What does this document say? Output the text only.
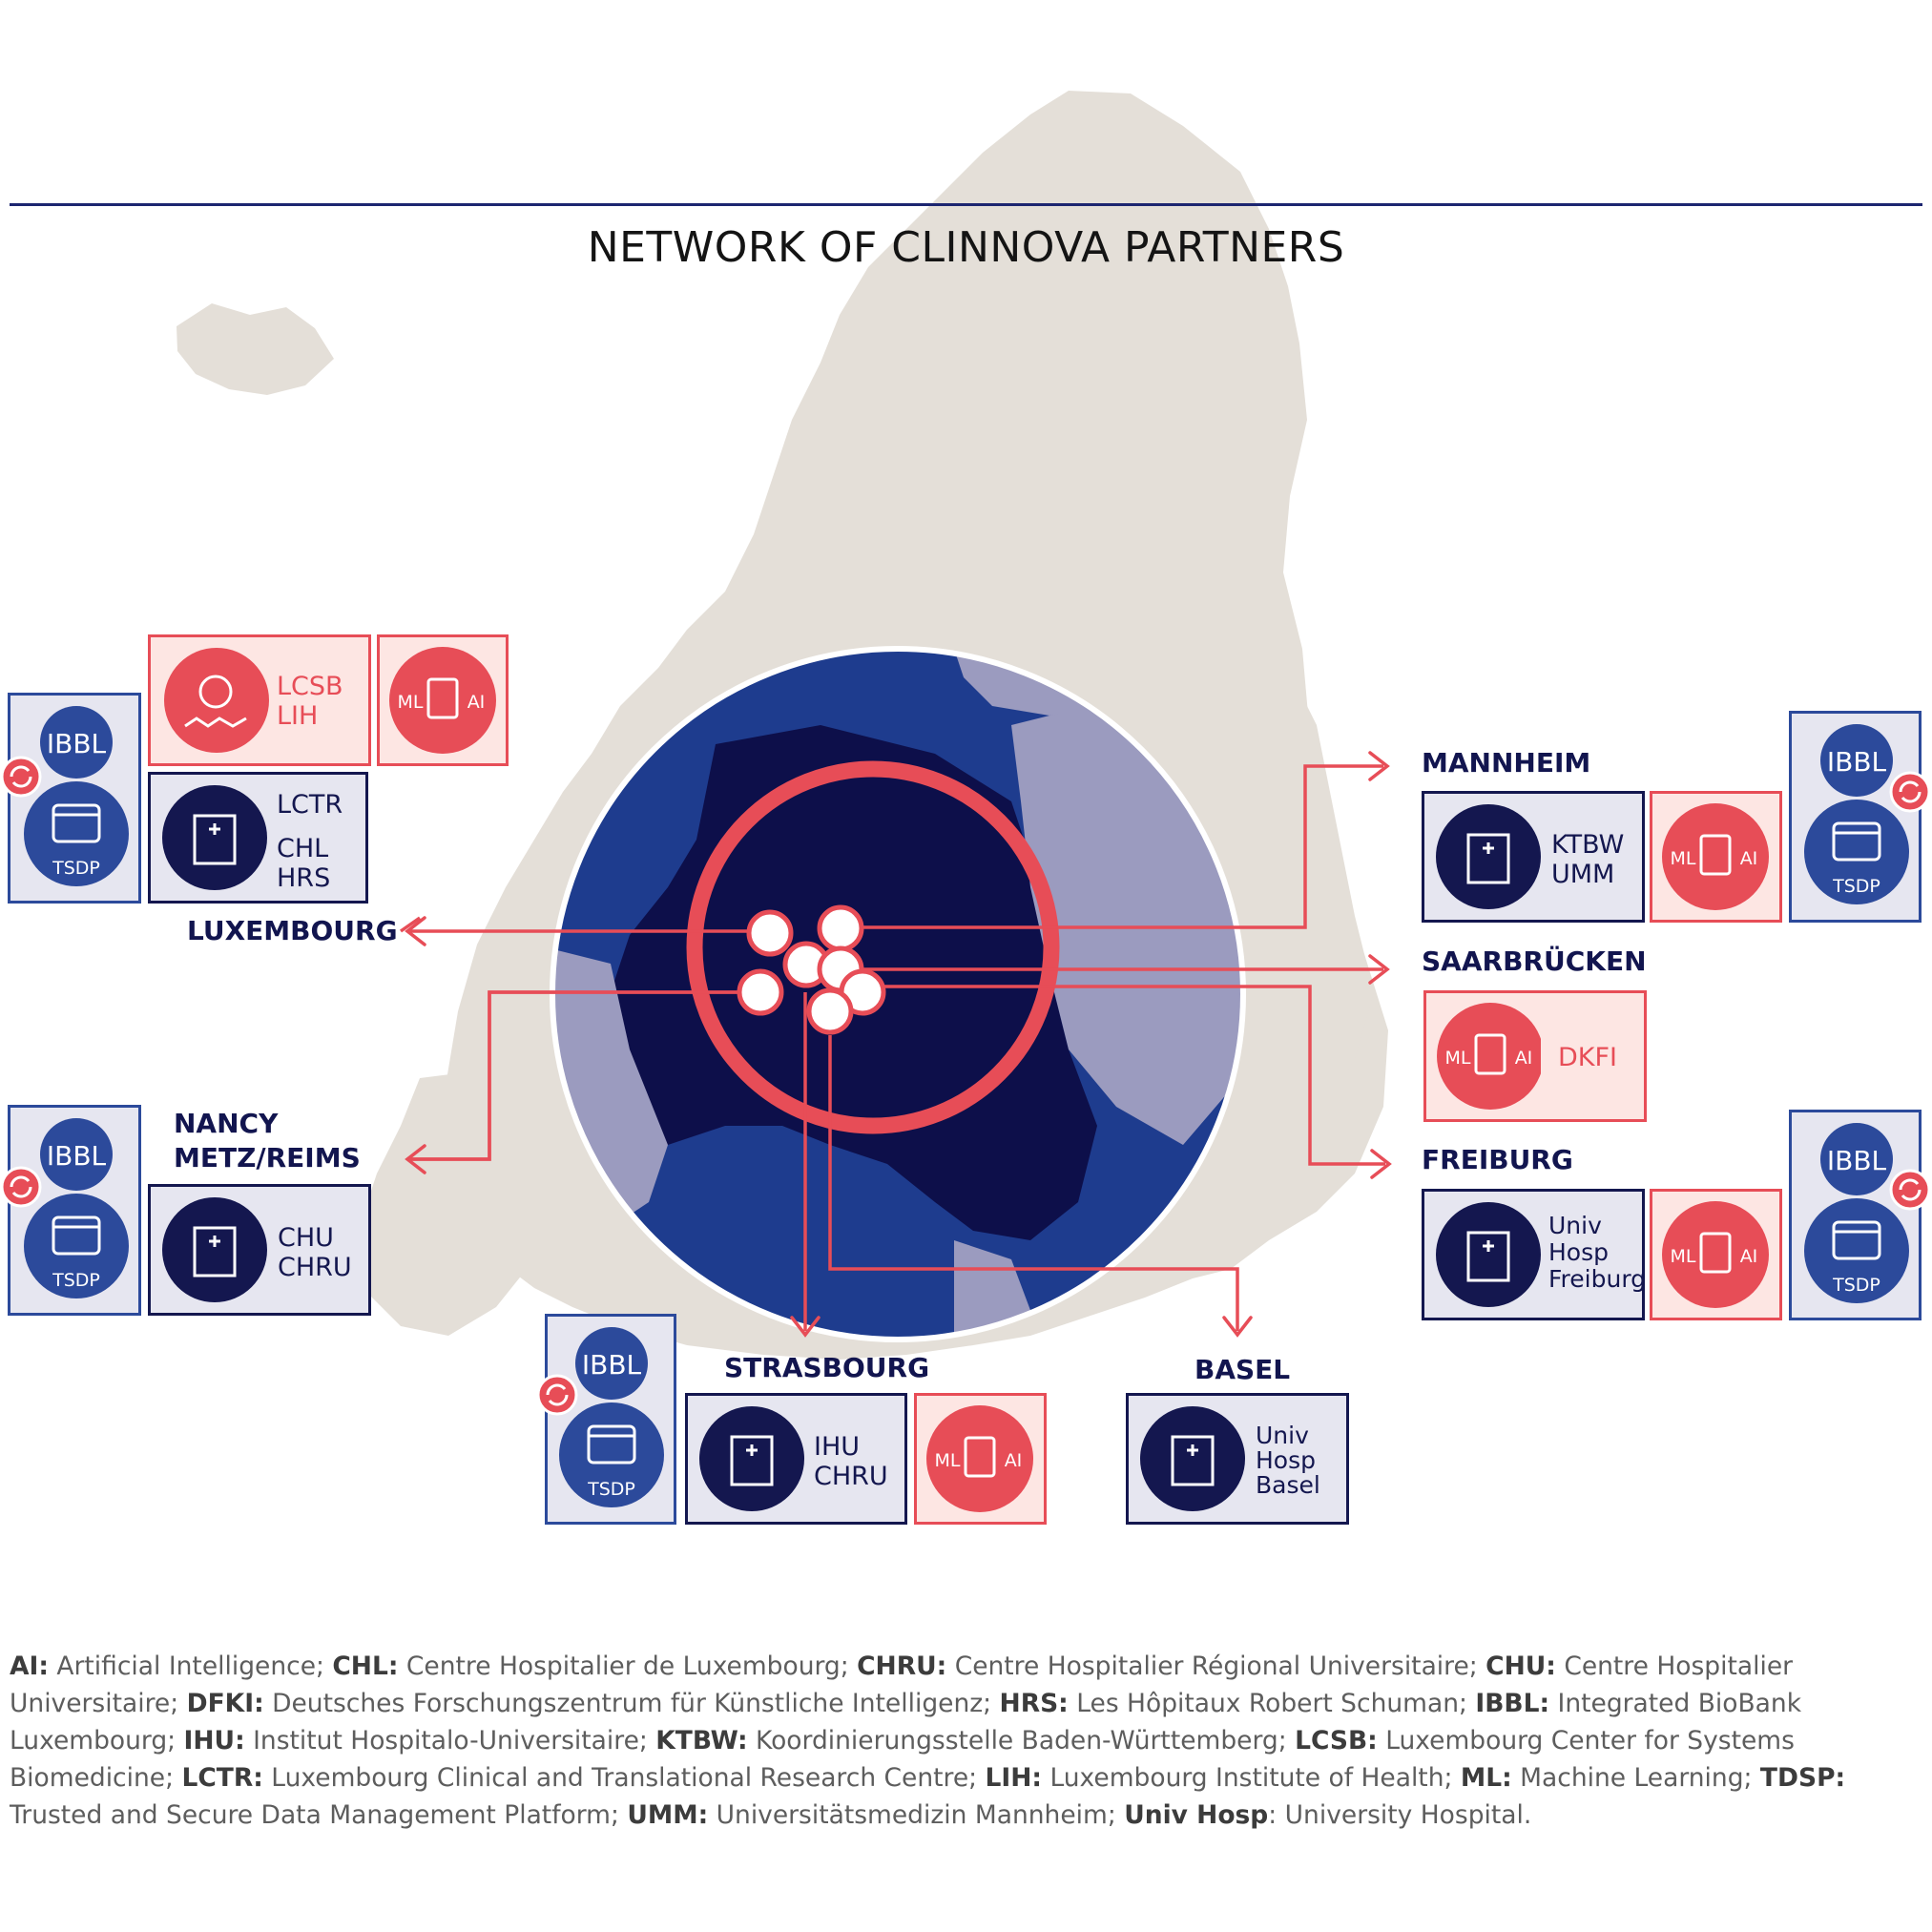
NETWORK OF CLINNOVA PARTNERS
IBBL
TSDP
LCSB
LIH	ML AI
LCTR
CHL
HRS
LUXEMBOURG
NANCY
METZ/REIMS
IBBL
TSDP
CHU
CHRU
STRASBOURG
IBBL
TSDP
IHU
CHRU
ML AI
BASEL
Univ
Hosp
Basel
MANNHEIM
KTBW
UMM
ML AI
IBBL
TSDP
SAARBRÜCKEN
ML AI DKFI
FREIBURG
Univ
Hosp
Freiburg
ML AI
IBBL
TSDP
AI: Artificial Intelligence; CHL: Centre Hospitalier de Luxembourg; CHRU: Centre Hospitalier Régional Universitaire; CHU: Centre Hospitalier Universitaire; DFKI: Deutsches Forschungszentrum für Künstliche Intelligenz; HRS: Les Hôpitaux Robert Schuman; IBBL: Integrated BioBank Luxembourg; IHU: Institut Hospitalo-Universitaire; KTBW: Koordinierungsstelle Baden-Württemberg; LCSB: Luxembourg Center for Systems Biomedicine; LCTR: Luxembourg Clinical and Translational Research Centre; LIH: Luxembourg Institute of Health; ML: Machine Learning; TDSP: Trusted and Secure Data Management Platform; UMM: Universitätsmedizin Mannheim; Univ Hosp: University Hospital.
